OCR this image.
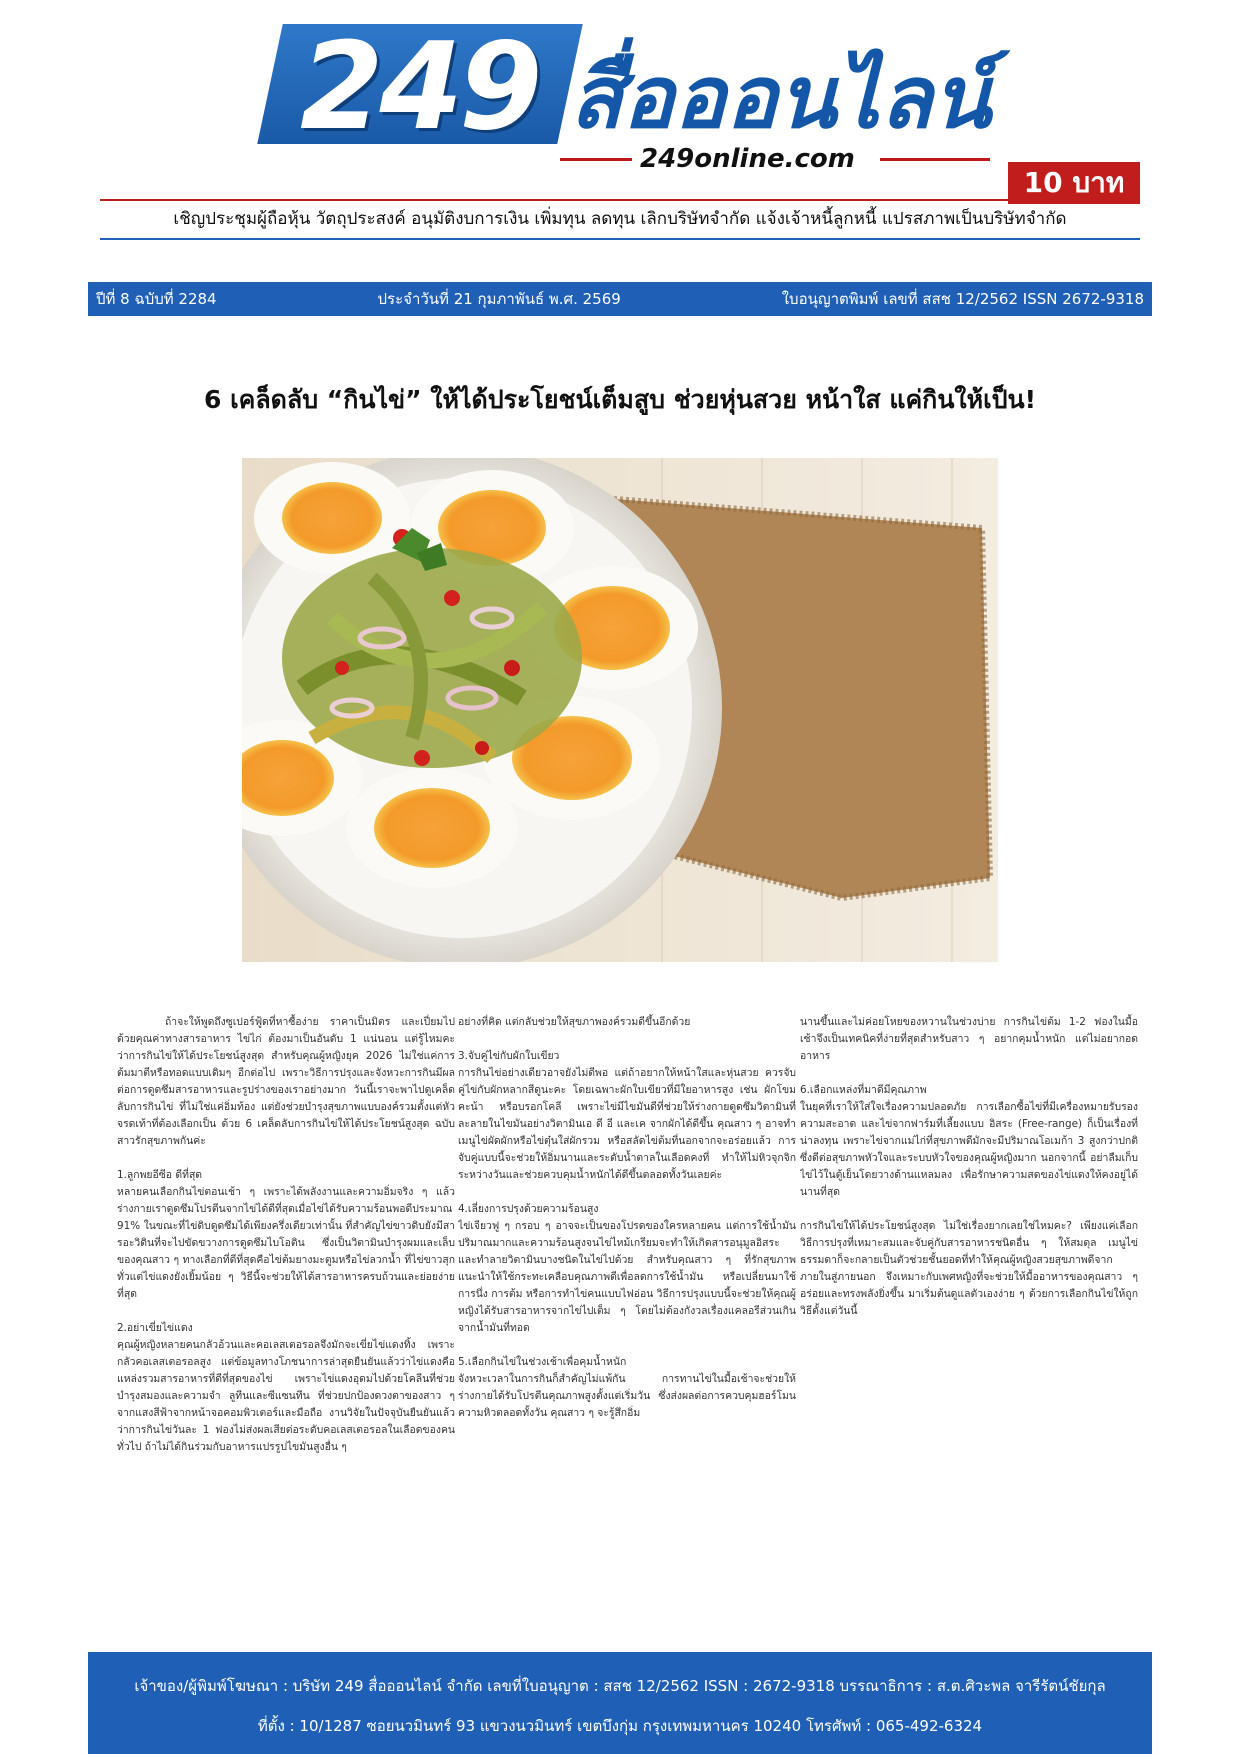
249 สื่อออนไลน์
249online.com
10 บาท
เชิญประชุมผู้ถือหุ้น วัตถุประสงค์ อนุมัติงบการเงิน เพิ่มทุน ลดทุน เลิกบริษัทจำกัด แจ้งเจ้าหนี้ลูกหนี้ แปรสภาพเป็นบริษัทจำกัด
ปีที่ 8 ฉบับที่ 2284	ประจำวันที่ 21 กุมภาพันธ์ พ.ศ. 2569	ใบอนุญาตพิมพ์ เลขที่ สสช 12/2562 ISSN 2672-9318
6 เคล็ดลับ “กินไข่” ให้ได้ประโยชน์เต็มสูบ ช่วยหุ่นสวย หน้าใส แค่กินให้เป็น!

ถ้าจะให้พูดถึงซูเปอร์ฟู้ดที่หาซื้อง่าย ราคาเป็นมิตร และเปี่ยมไปด้วยคุณค่าทางสารอาหาร ไข่ไก่ ต้องมาเป็นอันดับ 1 แน่นอน แต่รู้ไหมคะว่าการกินไข่ให้ได้ประโยชน์สูงสุด สำหรับคุณผู้หญิงยุค 2026 ไม่ใช่แค่การต้มมาตีหรือทอดแบบเดิมๆ อีกต่อไป เพราะวิธีการปรุงและจังหวะการกินมีผลต่อการดูดซึมสารอาหารและรูปร่างของเราอย่างมาก วันนี้เราจะพาไปดูเคล็ดลับการกินไข่ ที่ไม่ใช่แค่อิ่มท้อง แต่ยังช่วยบำรุงสุขภาพแบบองค์รวมตั้งแต่หัวจรดเท้าที่ต้องเลือกเป็น ด้วย 6 เคล็ดลับการกินไข่ให้ได้ประโยชน์สูงสุด ฉบับสาวรักสุขภาพกันค่ะ

1.ลูกพยอีซีอ ดีที่สุด

หลายคนเลือกกินไข่ตอนเช้า ๆ เพราะได้พลังงานและความอิ่มจริง ๆ แล้วร่างกายเราดูดซึมโปรตีนจากไข่ได้ดีที่สุดเมื่อไข่ได้รับความร้อนพอดีประมาณ 91% ในขณะที่ไข่ดิบดูดซึมได้เพียงครึ่งเดียวเท่านั้น ที่สำคัญไข่ขาวดิบยังมีสารอะวิดินที่จะไปขัดขวางการดูดซึมไบโอติน ซึ่งเป็นวิตามินบำรุงผมและเล็บของคุณสาว ๆ ทางเลือกที่ดีที่สุดคือไข่ต้มยางมะตูมหรือไข่ลวกน้ำ ที่ไข่ขาวสุกทั่วแต่ไข่แดงยังเยิ้มน้อย ๆ วิธีนี้จะช่วยให้ได้สารอาหารครบถ้วนและย่อยง่ายที่สุด

2.อย่าเขี่ยไข่แดง

คุณผู้หญิงหลายคนกลัวอ้วนและคอเลสเตอรอลจึงมักจะเขี่ยไข่แดงทิ้ง เพราะกลัวคอเลสเตอรอลสูง แต่ข้อมูลทางโภชนาการล่าสุดยืนยันแล้วว่าไข่แดงคือแหล่งรวมสารอาหารที่ดีที่สุดของไข่ เพราะไข่แดงอุดมไปด้วยโคลีนที่ช่วยบำรุงสมองและความจำ ลูทีนและซีแซนทีน ที่ช่วยปกป้องดวงตาของสาว ๆ จากแสงสีฟ้าจากหน้าจอคอมพิวเตอร์และมือถือ งานวิจัยในปัจจุบันยืนยันแล้วว่าการกินไข่วันละ 1 ฟองไม่ส่งผลเสียต่อระดับคอเลสเตอรอลในเลือดของคนทั่วไป ถ้าไม่ได้กินร่วมกับอาหารแปรรูปไขมันสูงอื่น ๆ

อย่างที่คิด แต่กลับช่วยให้สุขภาพองค์รวมดีขึ้นอีกด้วย

3.จับคู่ไข่กับผักใบเขียว

การกินไข่อย่างเดียวอาจยังไม่ดีพอ แต่ถ้าอยากให้หน้าใสและหุ่นสวย ควรจับคู่ไข่กับผักหลากสีดูนะคะ โดยเฉพาะผักใบเขียวที่มีใยอาหารสูง เช่น ผักโขม คะน้า หรือบรอกโคลี เพราะไข่มีไขมันดีที่ช่วยให้ร่างกายดูดซึมวิตามินที่ละลายในไขมันอย่างวิตามินเอ ดี อี และเค จากผักได้ดีขึ้น คุณสาว ๆ อาจทำเมนูไข่ผัดผักหรือไข่ตุ๋นใส่ผักรวม หรือสลัดไข่ต้มที่นอกจากจะอร่อยแล้ว การจับคู่แบบนี้จะช่วยให้อิ่มนานและระดับน้ำตาลในเลือดคงที่ ทำให้ไม่หิวจุกจิกระหว่างวันและช่วยควบคุมน้ำหนักได้ดีขึ้นตลอดทั้งวันเลยค่ะ

4.เลี่ยงการปรุงด้วยความร้อนสูง

ไข่เจียวฟู ๆ กรอบ ๆ อาจจะเป็นของโปรดของใครหลายคน แต่การใช้น้ำมันปริมาณมากและความร้อนสูงจนไข่ไหม้เกรียมจะทำให้เกิดสารอนุมูลอิสระและทำลายวิตามินบางชนิดในไข่ไปด้วย สำหรับคุณสาว ๆ ที่รักสุขภาพ แนะนำให้ใช้กระทะเคลือบคุณภาพดีเพื่อลดการใช้น้ำมัน หรือเปลี่ยนมาใช้การนึ่ง การต้ม หรือการทำไข่คนแบบไฟอ่อน วิธีการปรุงแบบนี้จะช่วยให้คุณผู้หญิงได้รับสารอาหารจากไข่ไปเต็ม ๆ โดยไม่ต้องกังวลเรื่องแคลอรีส่วนเกินจากน้ำมันที่ทอด

5.เลือกกินไข่ในช่วงเช้าเพื่อคุมน้ำหนัก

จังหวะเวลาในการกินก็สำคัญไม่แพ้กัน การทานไข่ในมื้อเช้าจะช่วยให้ร่างกายได้รับโปรตีนคุณภาพสูงตั้งแต่เริ่มวัน ซึ่งส่งผลต่อการควบคุมฮอร์โมนความหิวตลอดทั้งวัน คุณสาว ๆ จะรู้สึกอิ่ม

นานขึ้นและไม่ค่อยโหยของหวานในช่วงบ่าย การกินไข่ต้ม 1-2 ฟองในมื้อเช้าจึงเป็นเทคนิคที่ง่ายที่สุดสำหรับสาว ๆ อยากคุมน้ำหนัก แต่ไม่อยากอดอาหาร

6.เลือกแหล่งที่มาดีมีคุณภาพ

ในยุคที่เราให้ใส่ใจเรื่องความปลอดภัย การเลือกซื้อไข่ที่มีเครื่องหมายรับรองความสะอาด และไข่จากฟาร์มที่เลี้ยงแบบ อิสระ (Free-range) ก็เป็นเรื่องที่น่าลงทุน เพราะไข่จากแม่ไก่ที่สุขภาพดีมักจะมีปริมาณโอเมก้า 3 สูงกว่าปกติ ซึ่งดีต่อสุขภาพหัวใจและระบบหัวใจของคุณผู้หญิงมาก นอกจากนี้ อย่าลืมเก็บไข่ไว้ในตู้เย็นโดยวางด้านแหลมลง เพื่อรักษาความสดของไข่แดงให้คงอยู่ได้นานที่สุด

การกินไข่ให้ได้ประโยชน์สูงสุด ไม่ใช่เรื่องยากเลยใช่ไหมคะ? เพียงแค่เลือกวิธีการปรุงที่เหมาะสมและจับคู่กับสารอาหารชนิดอื่น ๆ ให้สมดุล เมนูไข่ธรรมดาก็จะกลายเป็นตัวช่วยชั้นยอดที่ทำให้คุณผู้หญิงสวยสุขภาพดีจากภายในสู่ภายนอก จึงเหมาะกับเพศหญิงที่จะช่วยให้มื้ออาหารของคุณสาว ๆ อร่อยและทรงพลังยิ่งขึ้น มาเริ่มต้นดูแลตัวเองง่าย ๆ ด้วยการเลือกกินไข่ให้ถูกวิธีตั้งแต่วันนี้

เจ้าของ/ผู้พิมพ์โฆษณา : บริษัท 249 สื่อออนไลน์ จำกัด เลขที่ใบอนุญาต : สสช 12/2562 ISSN : 2672-9318 บรรณาธิการ : ส.ต.ศิวะพล จารีรัตน์ชัยกุล
ที่ตั้ง : 10/1287 ซอยนวมินทร์ 93 แขวงนวมินทร์ เขตบึงกุ่ม กรุงเทพมหานคร 10240 โทรศัพท์ : 065-492-6324
